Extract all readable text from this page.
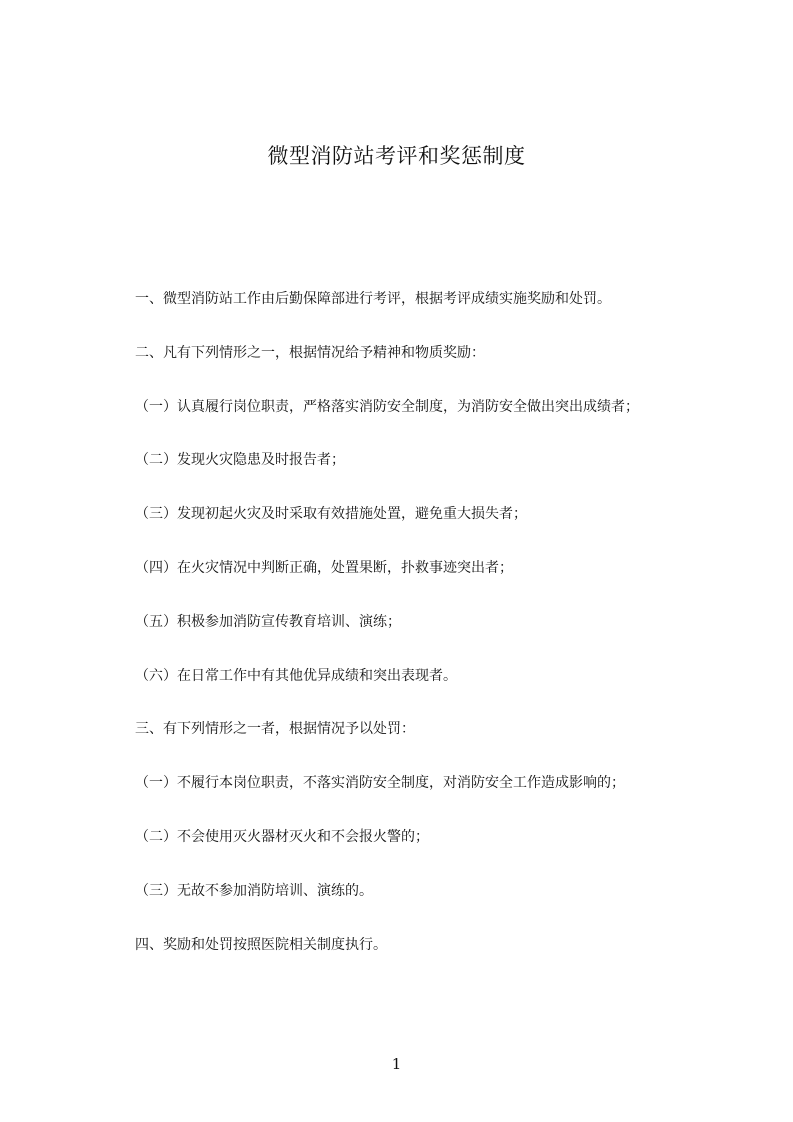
微型消防站考评和奖惩制度
一、微型消防站工作由后勤保障部进行考评，根据考评成绩实施奖励和处罚。
二、凡有下列情形之一，根据情况给予精神和物质奖励：
（一）认真履行岗位职责，严格落实消防安全制度，为消防安全做出突出成绩者；
（二）发现火灾隐患及时报告者；
（三）发现初起火灾及时采取有效措施处置，避免重大损失者；
（四）在火灾情况中判断正确，处置果断，扑救事迹突出者；
（五）积极参加消防宣传教育培训、演练；
（六）在日常工作中有其他优异成绩和突出表现者。
三、有下列情形之一者，根据情况予以处罚：
（一）不履行本岗位职责，不落实消防安全制度，对消防安全工作造成影响的；
（二）不会使用灭火器材灭火和不会报火警的；
（三）无故不参加消防培训、演练的。
四、奖励和处罚按照医院相关制度执行。
1
